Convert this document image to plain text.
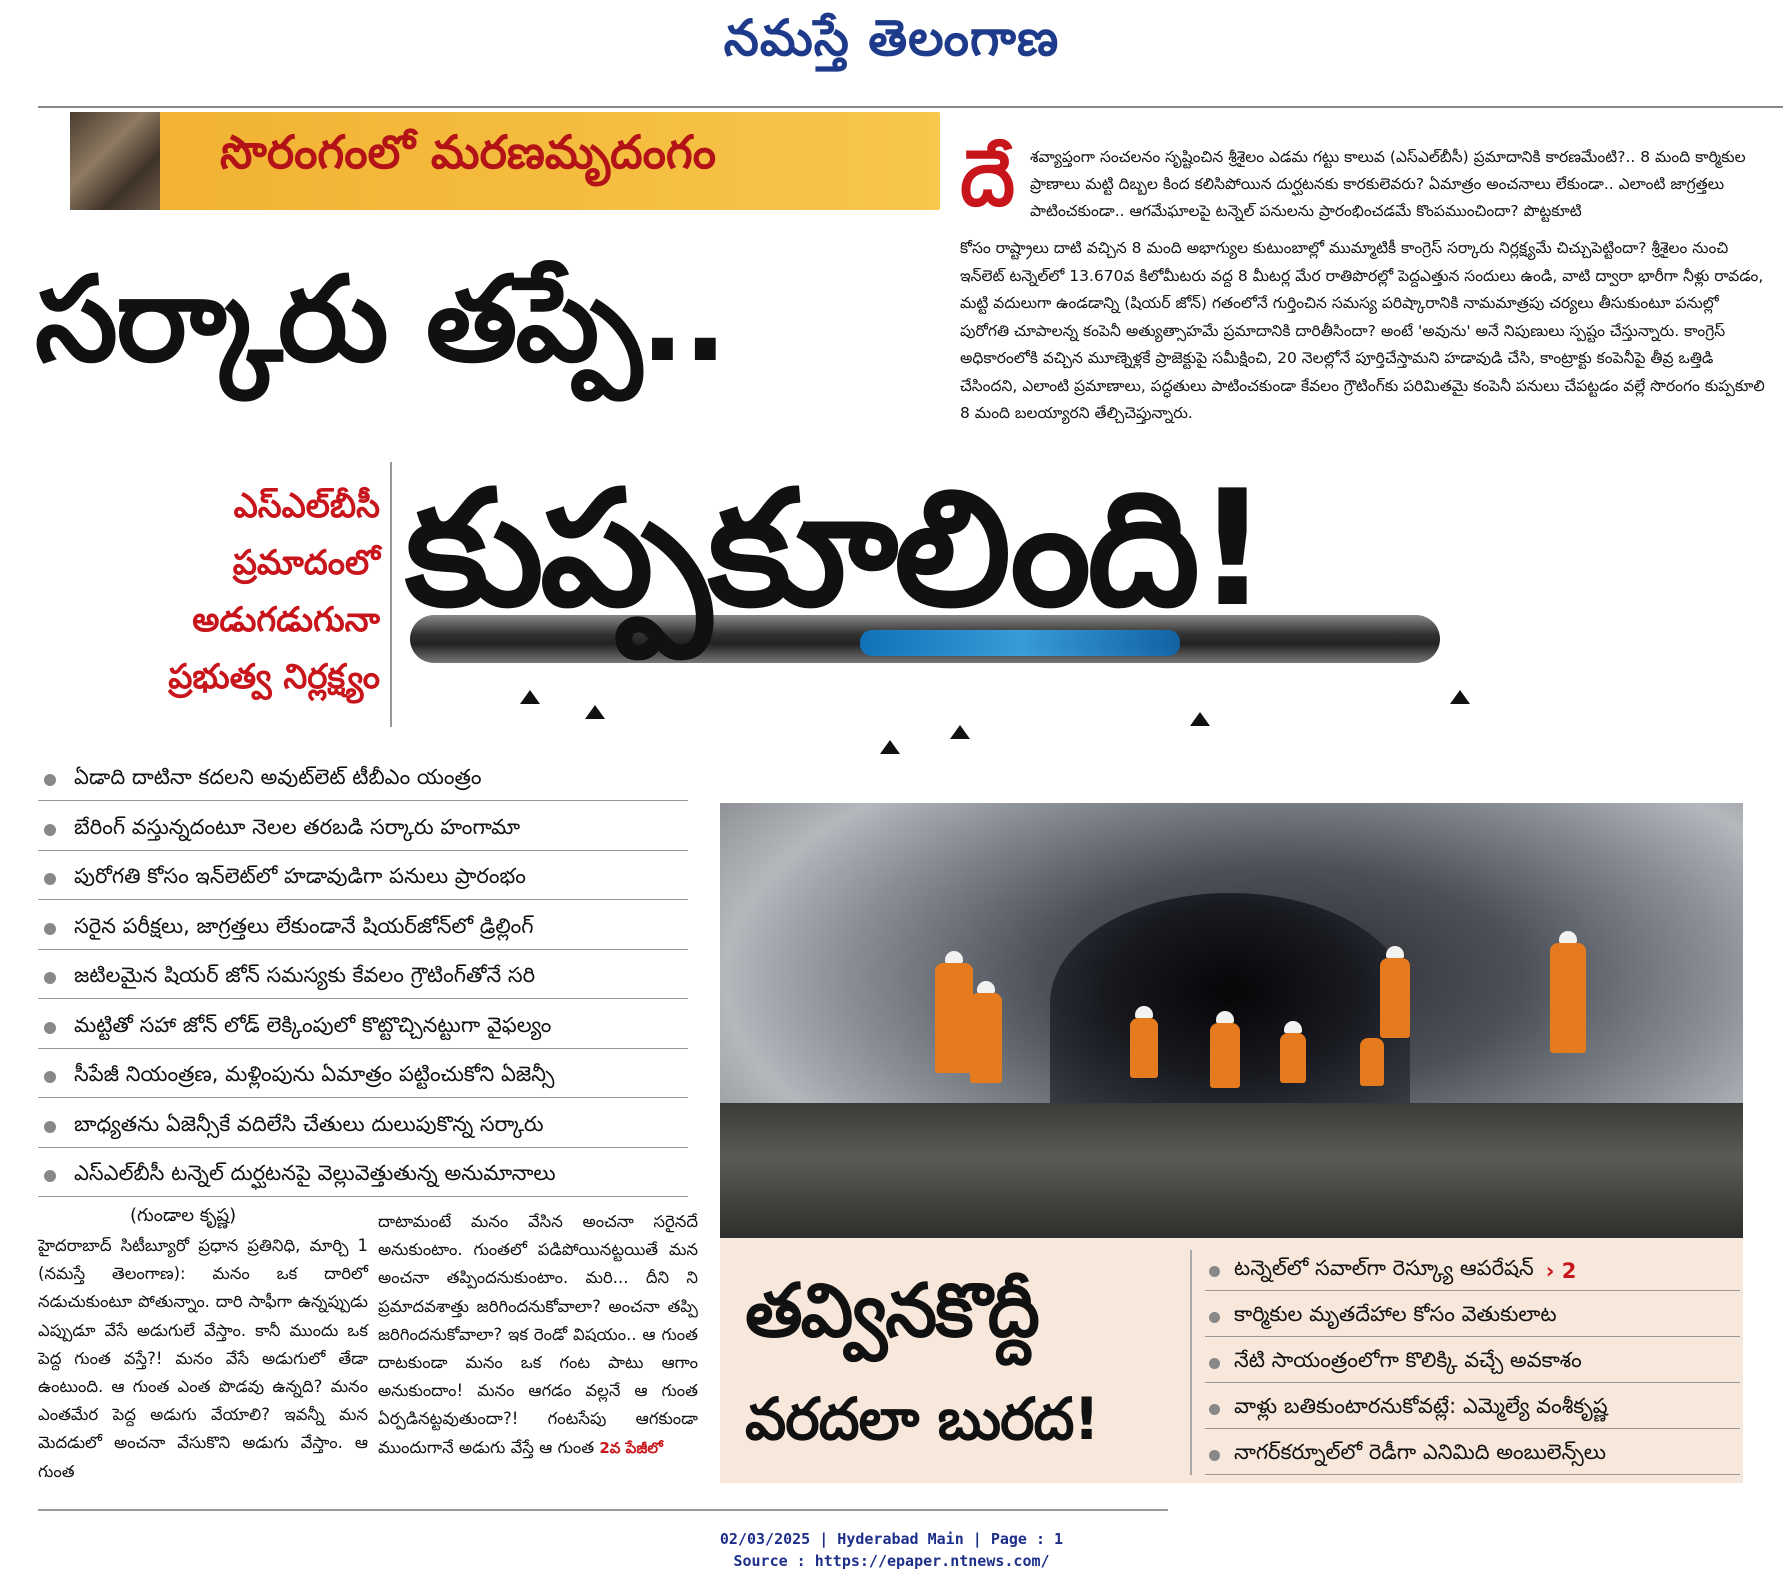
నమస్తే తెలంగాణ
సొరంగంలో మరణమృదంగం
సర్కారు తప్పే..
దే శవ్యాప్తంగా సంచలనం సృష్టించిన శ్రీశైలం ఎడమ గట్టు కాలువ (ఎస్‌ఎల్‌బీసీ) ప్రమాదానికి కారణమేంటి?.. 8 మంది కార్మికుల ప్రాణాలు మట్టి దిబ్బల కింద కలిసిపోయిన దుర్ఘటనకు కారకులెవరు? ఏమాత్రం అంచనాలు లేకుండా.. ఎలాంటి జాగ్రత్తలు పాటించకుండా.. ఆగమేఘాలపై టన్నెల్‌ పనులను ప్రారంభించడమే కొంపముంచిందా? పొట్టకూటి
కోసం రాష్ట్రాలు దాటి వచ్చిన 8 మంది అభాగ్యుల కుటుంబాల్లో ముమ్మాటికీ కాంగ్రెస్‌ సర్కారు నిర్లక్ష్యమే చిచ్చుపెట్టిందా? శ్రీశైలం నుంచి ఇన్‌లెట్‌ టన్నెల్‌లో 13.670వ కిలోమీటరు వద్ద 8 మీటర్ల మేర రాతిపొరల్లో పెద్దఎత్తున సందులు ఉండి, వాటి ద్వారా భారీగా నీళ్లు రావడం, మట్టి వదులుగా ఉండడాన్ని (షియర్‌ జోన్‌) గతంలోనే గుర్తించిన సమస్య పరిష్కారానికి నామమాత్రపు చర్యలు తీసుకుంటూ పనుల్లో పురోగతి చూపాలన్న కంపెనీ అత్యుత్సాహమే ప్రమాదానికి దారితీసిందా? అంటే 'అవును' అనే నిపుణులు స్పష్టం చేస్తున్నారు. కాంగ్రెస్‌ అధికారంలోకి వచ్చిన మూణ్నెళ్లకే ప్రాజెక్టుపై సమీక్షించి, 20 నెలల్లోనే పూర్తిచేస్తామని హడావుడి చేసి, కాంట్రాక్టు కంపెనీపై తీవ్ర ఒత్తిడి చేసిందని, ఎలాంటి ప్రమాణాలు, పద్ధతులు పాటించకుండా కేవలం గ్రౌటింగ్‌కు పరిమితమై కంపెనీ పనులు చేపట్టడం వల్లే సొరంగం కుప్పకూలి 8 మంది బలయ్యారని తేల్చిచెప్తున్నారు.
ఎస్‌ఎల్‌బీసీ
ప్రమాదంలో
అడుగడుగునా
ప్రభుత్వ నిర్లక్ష్యం
కుప్పకూలింది!
ఏడాది దాటినా కదలని అవుట్‌లెట్‌ టీబీఎం యంత్రం
బేరింగ్‌ వస్తున్నదంటూ నెలల తరబడి సర్కారు హంగామా
పురోగతి కోసం ఇన్‌లెట్‌లో హడావుడిగా పనులు ప్రారంభం
సరైన పరీక్షలు, జాగ్రత్తలు లేకుండానే షియర్‌జోన్‌లో డ్రిల్లింగ్‌
జటిలమైన షియర్‌ జోన్‌ సమస్యకు కేవలం గ్రౌటింగ్‌తోనే సరి
మట్టితో సహా జోన్‌ లోడ్‌ లెక్కింపులో కొట్టొచ్చినట్టుగా వైఫల్యం
సీపేజీ నియంత్రణ, మళ్లింపును ఏమాత్రం పట్టించుకోని ఏజెన్సీ
బాధ్యతను ఏజెన్సీకే వదిలేసి చేతులు దులుపుకొన్న సర్కారు
ఎస్‌ఎల్‌బీసీ టన్నెల్‌ దుర్ఘటనపై వెల్లువెత్తుతున్న అనుమానాలు
తవ్వినకొద్దీ
వరదలా బురద!
టన్నెల్‌లో సవాల్‌గా రెస్క్యూ ఆపరేషన్‌ › 2
కార్మికుల మృతదేహాల కోసం వెతుకులాట
నేటి సాయంత్రంలోగా కొలిక్కి వచ్చే అవకాశం
వాళ్లు బతికుంటారనుకోవట్లే: ఎమ్మెల్యే వంశీకృష్ణ
నాగర్‌కర్నూల్‌లో రెడీగా ఎనిమిది అంబులెన్స్‌లు
(గుండాల కృష్ణ)
హైదరాబాద్‌ సిటీబ్యూరో ప్రధాన ప్రతినిధి, మార్చి 1 (నమస్తే తెలంగాణ): మనం ఒక దారిలో నడుచుకుంటూ పోతున్నాం. దారి సాఫీగా ఉన్నప్పుడు ఎప్పుడూ వేసే అడుగులే వేస్తాం. కానీ ముందు ఒక పెద్ద గుంత వస్తే?! మనం వేసే అడుగులో తేడా ఉంటుంది. ఆ గుంత ఎంత పొడవు ఉన్నది? మనం ఎంతమేర పెద్ద అడుగు వేయాలి? ఇవన్నీ మన మెదడులో అంచనా వేసుకొని అడుగు వేస్తాం. ఆ గుంత
దాటామంటే మనం వేసిన అంచనా సరైనదే అనుకుంటాం. గుంతలో పడిపోయినట్టయితే మన అంచనా తప్పిందనుకుంటాం. మరి... దీని ని ప్రమాదవశాత్తు జరిగిందనుకోవాలా? అంచనా తప్పి జరిగిందనుకోవాలా? ఇక రెండో విషయం.. ఆ గుంత దాటకుండా మనం ఒక గంట పాటు ఆగాం అనుకుందాం! మనం ఆగడం వల్లనే ఆ గుంత ఏర్పడినట్టవుతుందా?! గంటసేపు ఆగకుండా ముందుగానే అడుగు వేస్తే ఆ గుంత 2వ పేజీలో
02/03/2025 | Hyderabad Main | Page : 1
Source : https://epaper.ntnews.com/
